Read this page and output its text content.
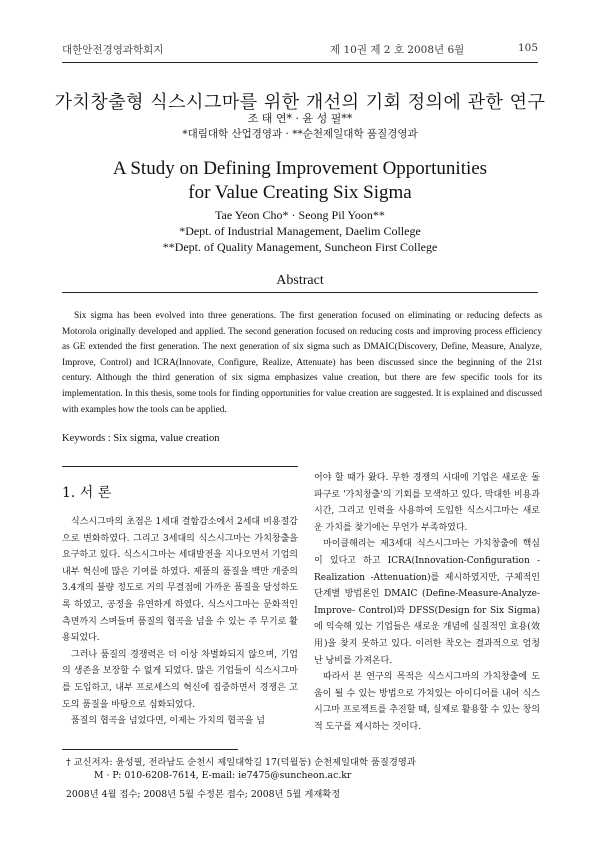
대한안전경영과학회지	제 10권 제 2 호 2008년 6월	105
가치창출형 식스시그마를 위한 개선의 기회 정의에 관한 연구
조 태 연* · 윤 성 필**
*대림대학 산업경영과 · **순천제일대학 품질경영과
A Study on Defining Improvement Opportunities
for Value Creating Six Sigma
Tae Yeon Cho* · Seong Pil Yoon**
*Dept. of Industrial Management, Daelim College
**Dept. of Quality Management, Suncheon First College
Abstract
Six sigma has been evolved into three generations. The first generation focused on eliminating or reducing defects as Motorola originally developed and applied. The second generation focused on reducing costs and improving process efficiency as GE extended the first generation. The next generation of six sigma such as DMAIC(Discovery, Define, Measure, Analyze, Improve, Control) and ICRA(Innovate, Configure, Realize, Attenuate) has been discussed since the beginning of the 21st century. Although the third generation of six sigma emphasizes value creation, but there are few specific tools for its implementation. In this thesis, some tools for finding opportunities for value creation are suggested. It is explained and discussed with examples how the tools can be applied.
Keywords : Six sigma, value creation
1. 서 론

식스시그마의 초점은 1세대 결함감소에서 2세대 비용절감으로 변화하였다. 그리고 3세대의 식스시그마는 가치창출을 요구하고 있다. 식스시그마는 세대발전을 지나오면서 기업의 내부 혁신에 많은 기여를 하였다. 제품의 품질을 백만 개중의 3.4개의 불량 정도로 거의 무결점에 가까운 품질을 달성하도록 하였고, 공정을 유연하게 하였다. 식스시그마는 문화적인 측면까지 스며들며 품질의 협곡을 넘을 수 있는 주 무기로 활용되었다.

그러나 품질의 경쟁력은 더 이상 차별화되지 않으며, 기업의 생존을 보장할 수 없게 되었다. 많은 기업들이 식스시그마를 도입하고, 내부 프로세스의 혁신에 집중하면서 경쟁은 고도의 품질을 바탕으로 심화되었다.

품질의 협곡을 넘었다면, 이제는 가치의 협곡을 넘

어야 할 때가 왔다. 무한 경쟁의 시대에 기업은 새로운 돌파구로 '가치창출'의 기회를 모색하고 있다. 막대한 비용과 시간, 그리고 인력을 사용하여 도입한 식스시그마는 새로운 가치를 찾기에는 무언가 부족하였다.

마이클해리는 제3세대 식스시그마는 가치창출에 핵심이 있다고 하고 ICRA(Innovation-Configuration -Realization -Attenuation)를 제시하였지만, 구체적인 단계별 방법론인 DMAIC (Define-Measure-Analyze-Improve- Control)와 DFSS(Design for Six Sigma)에 익숙해 있는 기업들은 새로운 개념에 실질적인 효용(效用)을 찾지 못하고 있다. 이러한 착오는 결과적으로 엄청난 낭비를 가져온다.

따라서 본 연구의 목적은 식스시그마의 가치창출에 도움이 될 수 있는 방법으로 가치있는 아이디어를 내어 식스시그마 프로젝트를 추진할 때, 실제로 활용할 수 있는 창의적 도구를 제시하는 것이다.

† 교신저자: 윤성필, 전라남도 순천시 제일대학길 17(덕월동) 순천제일대학 품질경영과
M · P: 010-6208-7614, E-mail: ie7475@suncheon.ac.kr
2008년 4월 접수; 2008년 5월 수정본 접수; 2008년 5월 게재확정
